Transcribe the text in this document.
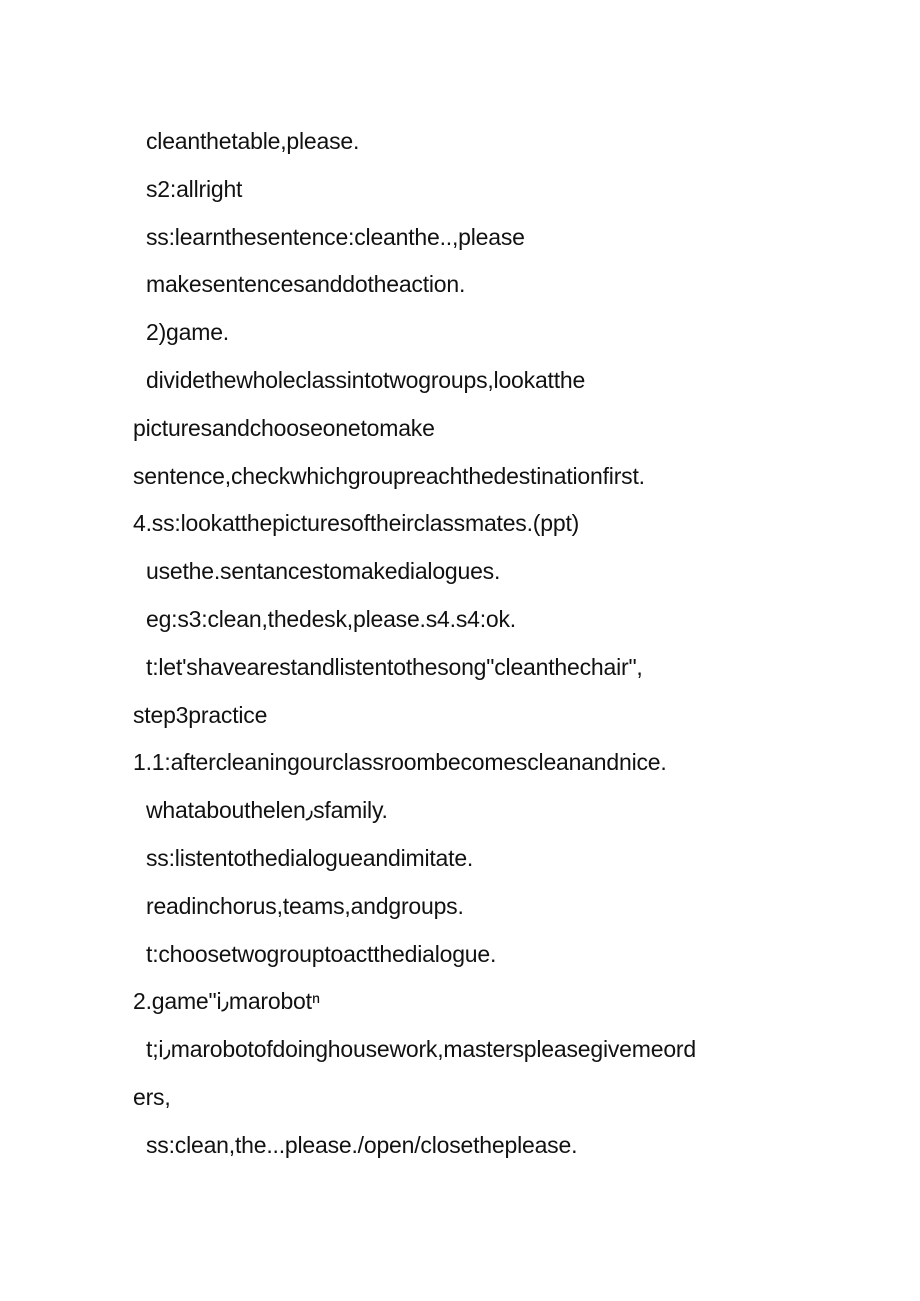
cleanthetable,please.
s2:allright
ss:learnthesentence:cleanthe..,please
makesentencesanddotheaction.
2)game.
dividethewholeclassintotwogroups,lookatthe
picturesandchooseonetomake
sentence,checkwhichgroupreachthedestinationfirst.
4.ss:lookatthepicturesoftheirclassmates.(ppt)
usethe.sentancestomakedialogues.
eg:s3:clean,thedesk,please.s4.s4:ok.
t:let'shavearestandlistentothesong"cleanthechair",
step3practice
1.1:aftercleaningourclassroombecomescleanandnice.
whatabouthelen٫sfamily.
ss:listentothedialogueandimitate.
readinchorus,teams,andgroups.
t:choosetwogrouptoactthedialogue.
2.game"i٫marobotⁿ
t;i٫marobotofdoinghousework,masterspleasegivemeord
ers,
ss:clean,the...please./open/closetheplease.
